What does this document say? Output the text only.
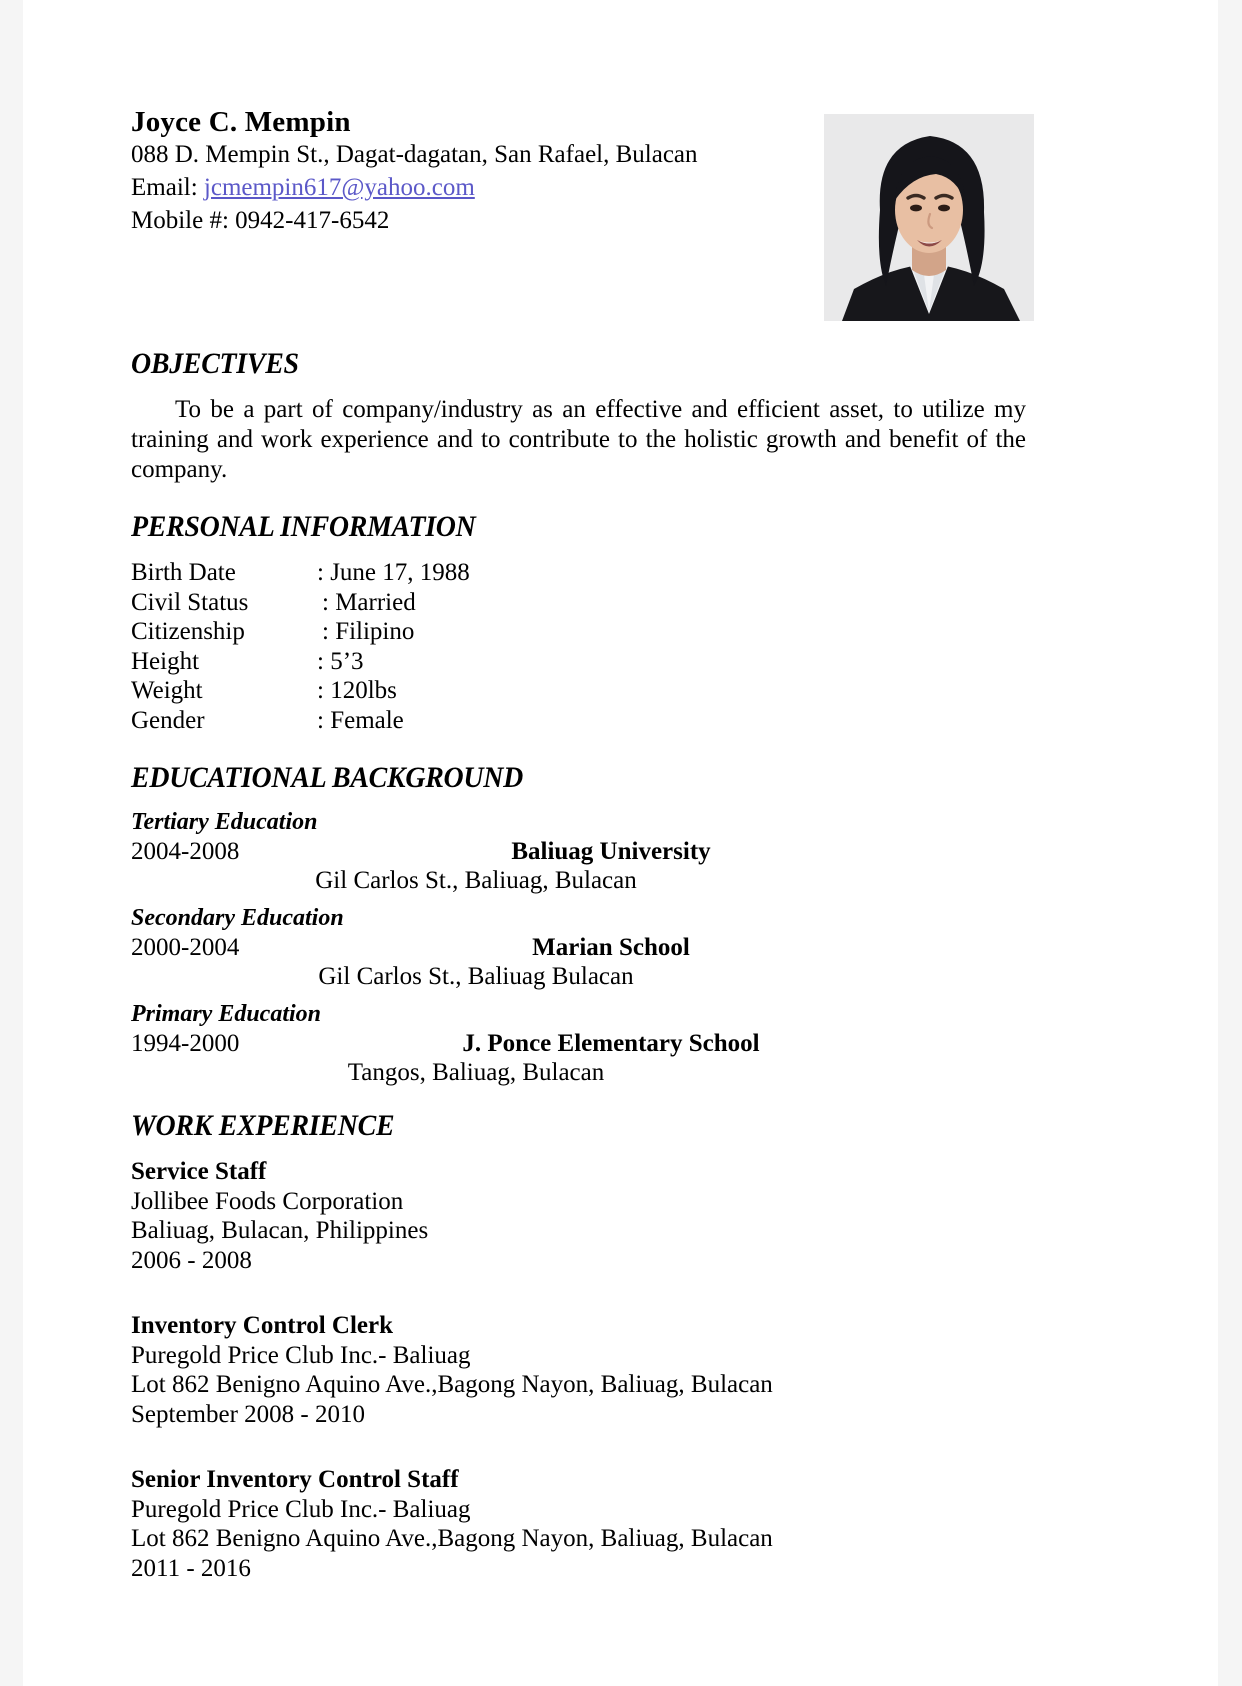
Joyce C. Mempin
088 D. Mempin St., Dagat-dagatan, San Rafael, Bulacan
Email: jcmempin617@yahoo.com
Mobile #: 0942-417-6542
OBJECTIVES

To be a part of company/industry as an effective and efficient asset, to utilize my training and work experience and to contribute to the holistic growth and benefit of the company.

PERSONAL INFORMATION
Birth Date	: June 17, 1988
Civil Status	: Married
Citizenship	: Filipino
Height	: 5’3
Weight	: 120lbs
Gender	: Female
EDUCATIONAL BACKGROUND
Tertiary Education
2004-2008	Baliuag University
Gil Carlos St., Baliuag, Bulacan
Secondary Education
2000-2004	Marian School
Gil Carlos St., Baliuag Bulacan
Primary Education
1994-2000	J. Ponce Elementary School
Tangos, Baliuag, Bulacan
WORK EXPERIENCE
Service Staff
Jollibee Foods Corporation
Baliuag, Bulacan, Philippines
2006 - 2008
Inventory Control Clerk
Puregold Price Club Inc.- Baliuag
Lot 862 Benigno Aquino Ave.,Bagong Nayon, Baliuag, Bulacan
September 2008 - 2010
Senior Inventory Control Staff
Puregold Price Club Inc.- Baliuag
Lot 862 Benigno Aquino Ave.,Bagong Nayon, Baliuag, Bulacan
2011 - 2016
